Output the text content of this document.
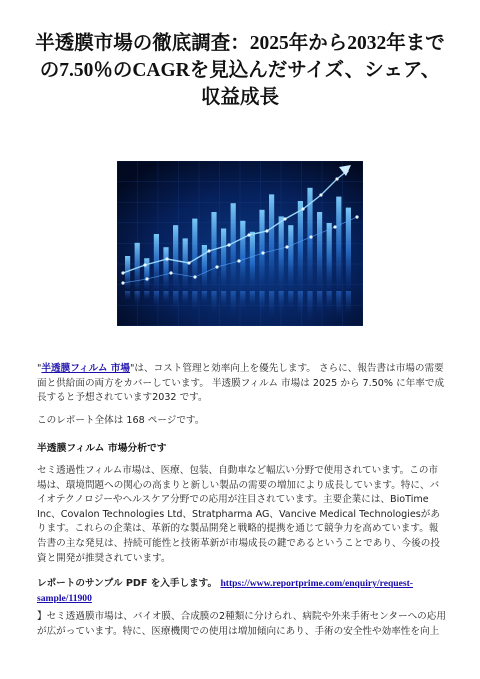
半透膜市場の徹底調査：2025年から2032年まで
の7.50％のCAGRを見込んだサイズ、シェア、
収益成長

"半透膜フィルム 市場"は、コスト管理と効率向上を優先します。 さらに、報告書は市場の需要面と供給面の両方をカバーしています。 半透膜フィルム 市場は 2025 から 7.50% に年率で成長すると予想されています2032 です。

このレポート全体は 168 ページです。

半透膜フィルム 市場分析です

セミ透過性フィルム市場は、医療、包装、自動車など幅広い分野で使用されています。この市場は、環境問題への関心の高まりと新しい製品の需要の増加により成長しています。特に、バイオテクノロジーやヘルスケア分野での応用が注目されています。主要企業には、BioTime Inc、Covalon Technologies Ltd、Stratpharma AG、Vancive Medical Technologiesがあります。これらの企業は、革新的な製品開発と戦略的提携を通じて競争力を高めています。報告書の主な発見は、持続可能性と技術革新が市場成長の鍵であるということであり、今後の投資と開発が推奨されています。

レポートのサンプル PDF を入手します。 https://www.reportprime.com/enquiry/request-sample/11900

】セミ透過膜市場は、バイオ膜、合成膜の2種類に分けられ、病院や外来手術センターへの応用が広がっています。特に、医療機関での使用は増加傾向にあり、手術の安全性や効率性を向上
